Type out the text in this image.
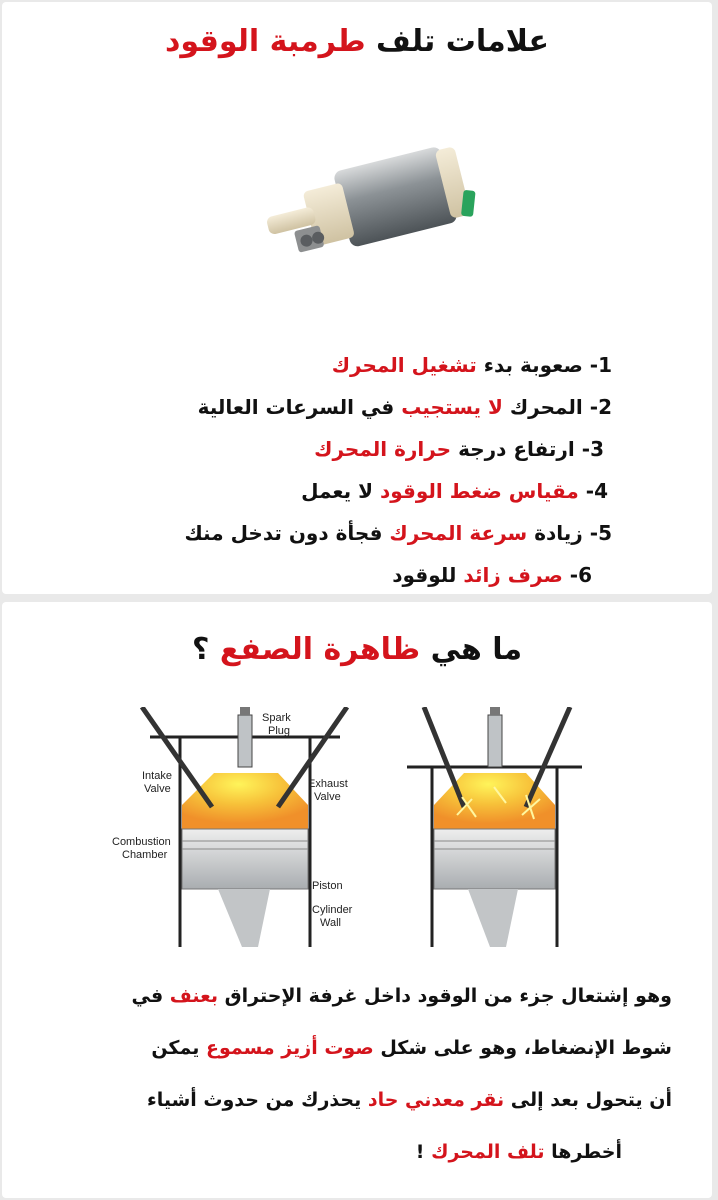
علامات تلف طرمبة الوقود
1- صعوبة بدء تشغيل المحرك
2- المحرك لا يستجيب في السرعات العالية
3- ارتفاع درجة حرارة المحرك
4- مقياس ضغط الوقود لا يعمل
5- زيادة سرعة المحرك فجأة دون تدخل منك
6- صرف زائد للوقود
ما هي ظاهرة الصفع ؟
Spark
Plug
Intake
Valve	Exhaust
Valve
Combustion
Chamber
Piston
Cylinder
Wall
وهو إشتعال جزء من الوقود داخل غرفة الإحتراق بعنف في
شوط الإنضغاط، وهو على شكل صوت أزيز مسموع يمكن
أن يتحول بعد إلى نقر معدني حاد يحذرك من حدوث أشياء
أخطرها تلف المحرك !
